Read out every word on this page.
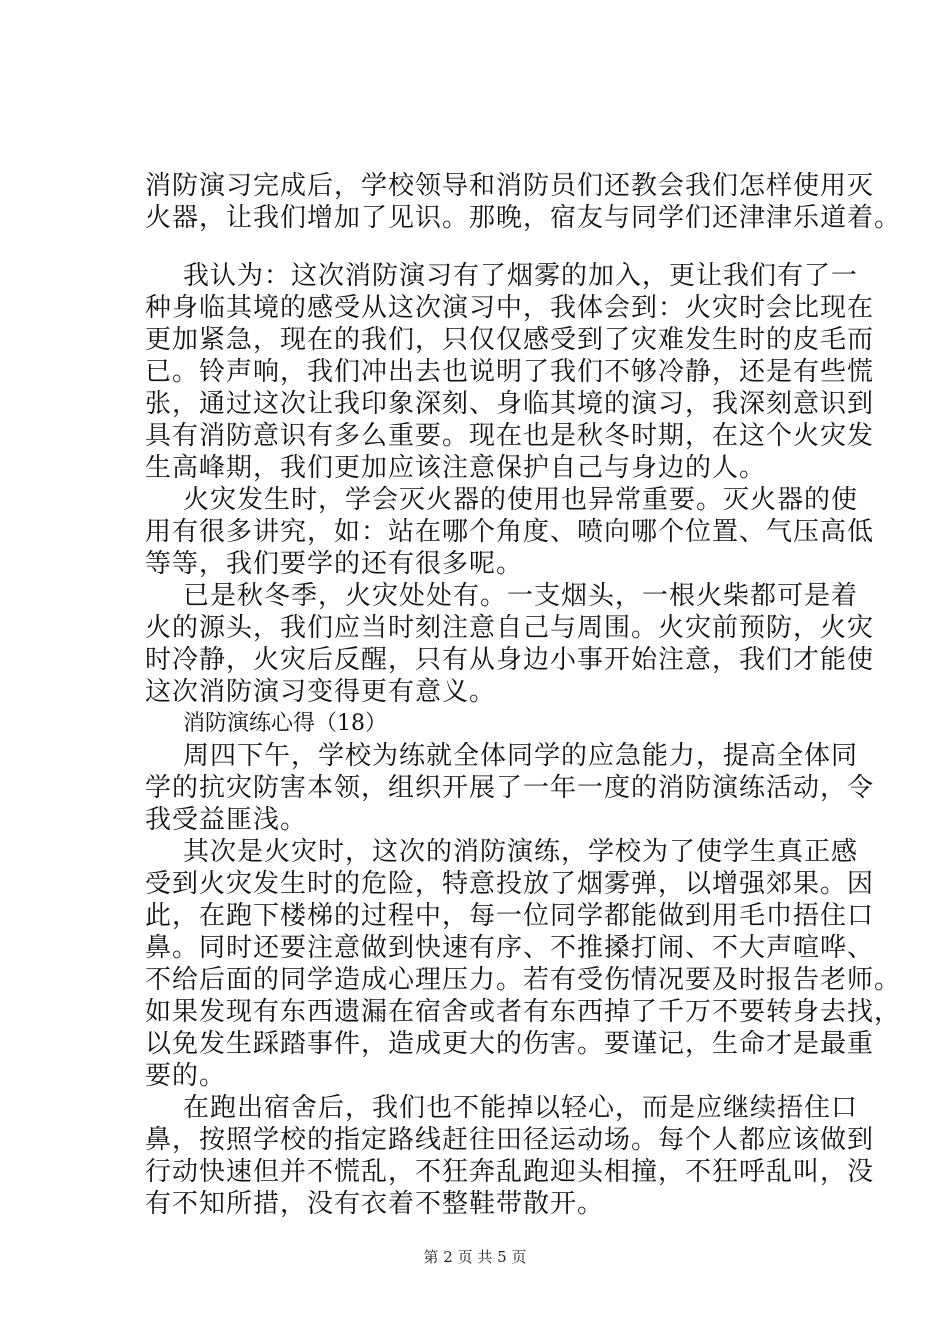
消防演习完成后，学校领导和消防员们还教会我们怎样使用灭
火器，让我们增加了见识。那晚，宿友与同学们还津津乐道着。
我认为：这次消防演习有了烟雾的加入，更让我们有了一
种身临其境的感受从这次演习中，我体会到：火灾时会比现在
更加紧急，现在的我们，只仅仅感受到了灾难发生时的皮毛而
已。铃声响，我们冲出去也说明了我们不够冷静，还是有些慌
张，通过这次让我印象深刻、身临其境的演习，我深刻意识到
具有消防意识有多么重要。现在也是秋冬时期，在这个火灾发
生高峰期，我们更加应该注意保护自己与身边的人。
火灾发生时，学会灭火器的使用也异常重要。灭火器的使
用有很多讲究，如：站在哪个角度、喷向哪个位置、气压高低
等等，我们要学的还有很多呢。
已是秋冬季，火灾处处有。一支烟头，一根火柴都可是着
火的源头，我们应当时刻注意自己与周围。火灾前预防，火灾
时冷静，火灾后反醒，只有从身边小事开始注意，我们才能使
这次消防演习变得更有意义。
消防演练心得（18）
周四下午，学校为练就全体同学的应急能力，提高全体同
学的抗灾防害本领，组织开展了一年一度的消防演练活动，令
我受益匪浅。
其次是火灾时，这次的消防演练，学校为了使学生真正感
受到火灾发生时的危险，特意投放了烟雾弹，以增强郊果。因
此，在跑下楼梯的过程中，每一位同学都能做到用毛巾捂住口
鼻。同时还要注意做到快速有序、不推搡打闹、不大声喧哗、
不给后面的同学造成心理压力。若有受伤情况要及时报告老师。
如果发现有东西遗漏在宿舍或者有东西掉了千万不要转身去找，
以免发生踩踏事件，造成更大的伤害。要谨记，生命才是最重
要的。
在跑出宿舍后，我们也不能掉以轻心，而是应继续捂住口
鼻，按照学校的指定路线赶往田径运动场。每个人都应该做到
行动快速但并不慌乱，不狂奔乱跑迎头相撞，不狂呼乱叫，没
有不知所措，没有衣着不整鞋带散开。
第 2 页 共 5 页
